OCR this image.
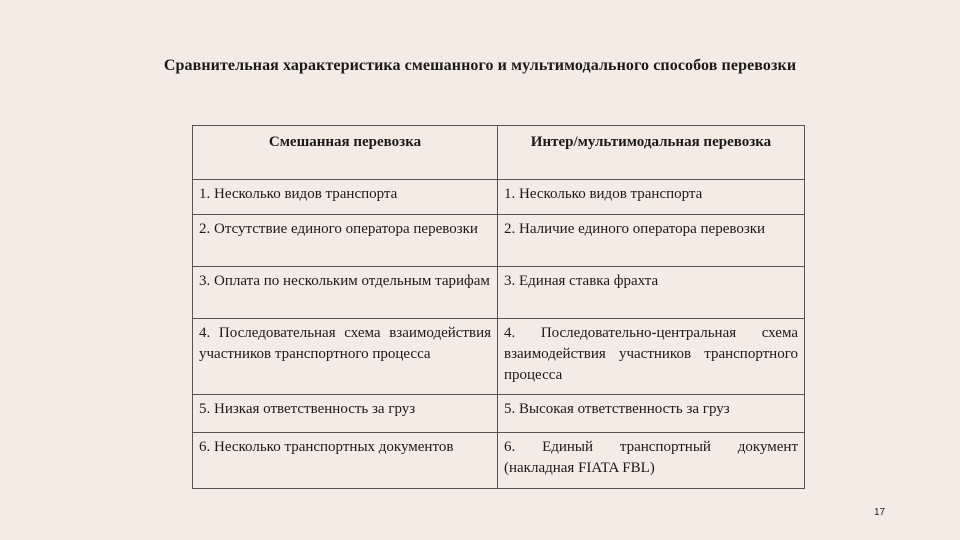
Сравнительная характеристика смешанного и мультимодального способов перевозки
Смешанная перевозка	Интер/мультимодальная перевозка
1. Несколько видов транспорта	1. Несколько видов транспорта
2. Отсутствие единого оператора перевозки	2. Наличие единого оператора перевозки
3. Оплата по нескольким отдельным тарифам	3. Единая ставка фрахта
4. Последовательная схема взаимодействия участников транспортного процесса	4. Последовательно-центральная схема взаимодействия участников транспортного процесса
5. Низкая ответственность за груз	5. Высокая ответственность за груз
6. Несколько транспортных документов	6. Единый транспортный документ (накладная FIATA FBL)
17
